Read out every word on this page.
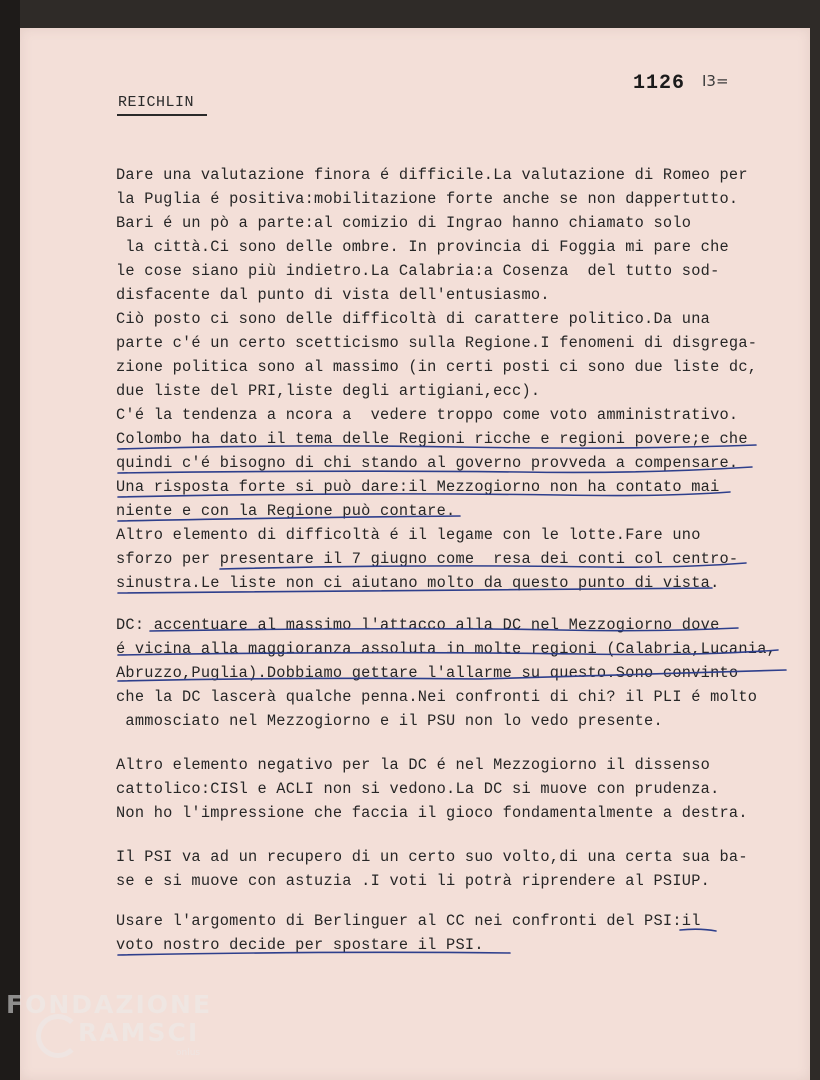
1126 I3=
REICHLIN
Dare una valutazione finora é difficile.La valutazione di Romeo per
la Puglia é positiva:mobilitazione forte anche se non dappertutto.
Bari é un pò a parte:al comizio di Ingrao hanno chiamato solo
la città.Ci sono delle ombre. In provincia di Foggia mi pare che
le cose siano più indietro.La Calabria:a Cosenza  del tutto sod-
disfacente dal punto di vista dell'entusiasmo.
Ciò posto ci sono delle difficoltà di carattere politico.Da una
parte c'é un certo scetticismo sulla Regione.I fenomeni di disgrega-
zione politica sono al massimo (in certi posti ci sono due liste dc,
due liste del PRI,liste degli artigiani,ecc).
C'é la tendenza a ncora a  vedere troppo come voto amministrativo.
Colombo ha dato il tema delle Regioni ricche e regioni povere;e che
quindi c'é bisogno di chi stando al governo provveda a compensare.
Una risposta forte si può dare:il Mezzogiorno non ha contato mai
niente e con la Regione può contare.
Altro elemento di difficoltà é il legame con le lotte.Fare uno
sforzo per presentare il 7 giugno come  resa dei conti col centro-
sinustra.Le liste non ci aiutano molto da questo punto di vista.
DC: accentuare al massimo l'attacco alla DC nel Mezzogiorno dove
é vicina alla maggioranza assoluta in molte regioni (Calabria,Lucania,
Abruzzo,Puglia).Dobbiamo gettare l'allarme su questo.Sono convinto
che la DC lascerà qualche penna.Nei confronti di chi? il PLI é molto
ammosciato nel Mezzogiorno e il PSU non lo vedo presente.
Altro elemento negativo per la DC é nel Mezzogiorno il dissenso
cattolico:CISl e ACLI non si vedono.La DC si muove con prudenza.
Non ho l'impressione che faccia il gioco fondamentalmente a destra.
Il PSI va ad un recupero di un certo suo volto,di una certa sua ba-
se e si muove con astuzia .I voti li potrà riprendere al PSIUP.
Usare l'argomento di Berlinguer al CC nei confronti del PSI:il
voto nostro decide per spostare il PSI.
FONDAZIONE
RAMSCI
onlus
